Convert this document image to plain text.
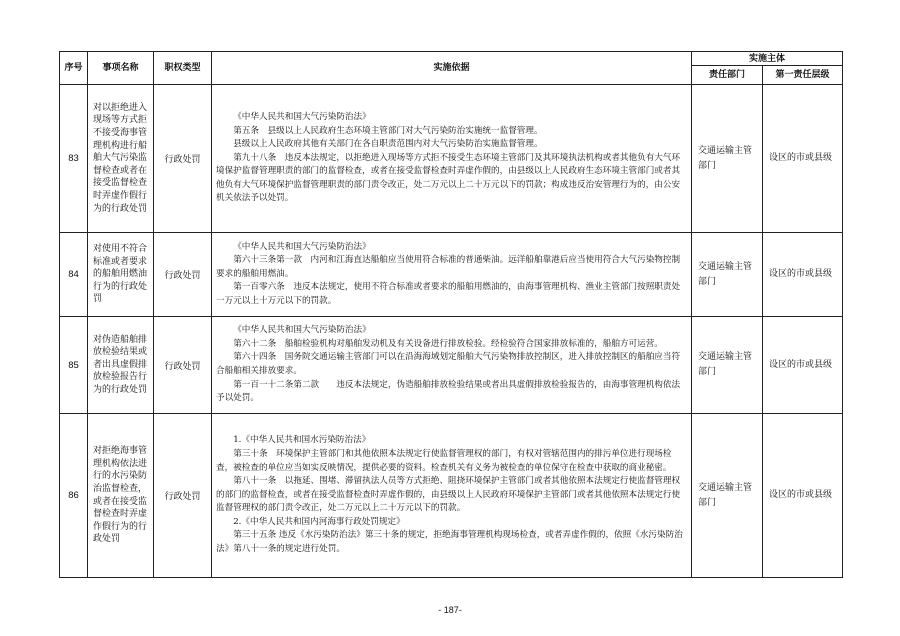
序号	事项名称	职权类型	实施依据	实施主体	
				责任部门	第一责任层级
83	对以拒绝进入现场等方式拒不接受海事管理机构进行船舶大气污染监督检查或者在接受监督检查时弄虚作假行为的行政处罚	行政处罚	《中华人民共和国大气污染防治法》

第五条　县级以上人民政府生态环境主管部门对大气污染防治实施统一监督管理。

县级以上人民政府其他有关部门在各自职责范围内对大气污染防治实施监督管理。

第九十八条　违反本法规定，以拒绝进入现场等方式拒不接受生态环境主管部门及其环境执法机构或者其他负有大气环境保护监督管理职责的部门的监督检查，或者在接受监督检查时弄虚作假的，由县级以上人民政府生态环境主管部门或者其他负有大气环境保护监督管理职责的部门责令改正，处二万元以上二十万元以下的罚款；构成违反治安管理行为的，由公安机关依法予以处罚。	交通运输主管部门	设区的市或县级
84	对使用不符合标准或者要求的船舶用燃油行为的行政处罚	行政处罚	《中华人民共和国大气污染防治法》

第六十三条第一款　内河和江海直达船舶应当使用符合标准的普通柴油。远洋船舶靠港后应当使用符合大气污染物控制要求的船舶用燃油。

第一百零六条　违反本法规定，使用不符合标准或者要求的船舶用燃油的，由海事管理机构、渔业主管部门按照职责处一万元以上十万元以下的罚款。	交通运输主管部门	设区的市或县级
85	对伪造船舶排放检验结果或者出具虚假排放检验报告行为的行政处罚	行政处罚	《中华人民共和国大气污染防治法》

第六十二条　船舶检验机构对船舶发动机及有关设备进行排放检验。经检验符合国家排放标准的，船舶方可运营。

第六十四条　国务院交通运输主管部门可以在沿海海域划定船舶大气污染物排放控制区，进入排放控制区的船舶应当符合船舶相关排放要求。

第一百一十二条第二款　　违反本法规定，伪造船舶排放检验结果或者出具虚假排放检验报告的，由海事管理机构依法予以处罚。	交通运输主管部门	设区的市或县级
86	对拒绝海事管理机构依法进行的水污染防治监督检查，或者在接受监督检查时弄虚作假行为的行政处罚	行政处罚	1.《中华人民共和国水污染防治法》

第三十条　环境保护主管部门和其他依照本法规定行使监督管理权的部门，有权对管辖范围内的排污单位进行现场检查，被检查的单位应当如实反映情况，提供必要的资料。检查机关有义务为被检查的单位保守在检查中获取的商业秘密。

第八十一条　以拖延、围堵、滞留执法人员等方式拒绝、阻挠环境保护主管部门或者其他依照本法规定行使监督管理权的部门的监督检查，或者在接受监督检查时弄虚作假的，由县级以上人民政府环境保护主管部门或者其他依照本法规定行使监督管理权的部门责令改正，处二万元以上二十万元以下的罚款。

2.《中华人民共和国内河海事行政处罚规定》

第三十五条 违反《水污染防治法》第三十条的规定，拒绝海事管理机构现场检查，或者弄虚作假的，依照《水污染防治法》第八十一条的规定进行处罚。	交通运输主管部门	设区的市或县级
- 187-
